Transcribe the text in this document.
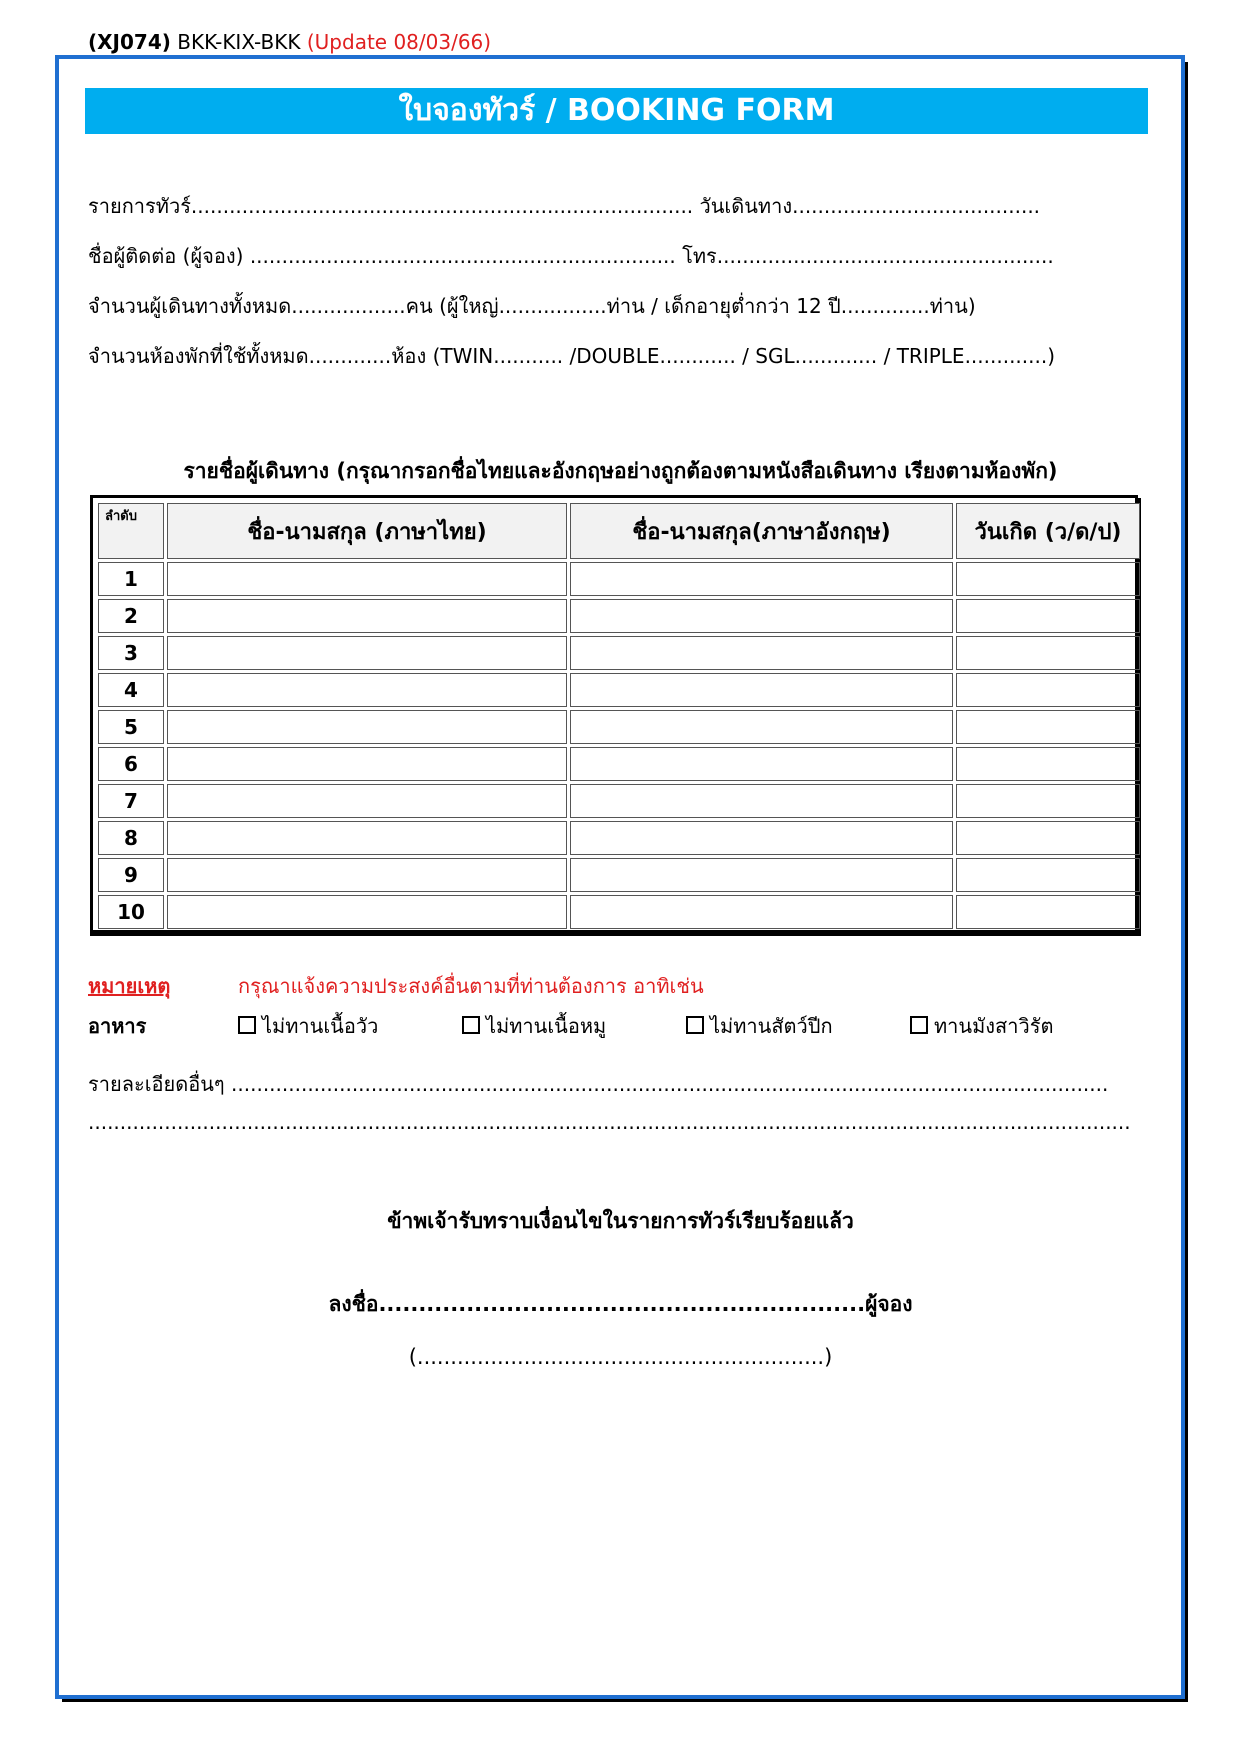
(XJ074) BKK-KIX-BKK (Update 08/03/66)
ใบจองทัวร์ / BOOKING FORM
รายการทัวร์............................................................................... วันเดินทาง.......................................
ชื่อผู้ติดต่อ (ผู้จอง) ................................................................... โทร.....................................................
จำนวนผู้เดินทางทั้งหมด..................คน (ผู้ใหญ่.................ท่าน / เด็กอายุต่ำกว่า 12 ปี..............ท่าน)
จำนวนห้องพักที่ใช้ทั้งหมด.............ห้อง (TWIN........... /DOUBLE............ / SGL............. / TRIPLE.............)
รายชื่อผู้เดินทาง (กรุณากรอกชื่อไทยและอังกฤษอย่างถูกต้องตามหนังสือเดินทาง เรียงตามห้องพัก)
ลำดับ	ชื่อ-นามสกุล (ภาษาไทย)	ชื่อ-นามสกุล(ภาษาอังกฤษ)	วันเกิด (ว/ด/ป)
1			
2			
3			
4			
5			
6			
7			
8			
9			
10			
หมายเหตุ	กรุณาแจ้งความประสงค์อื่นตามที่ท่านต้องการ อาทิเช่น
อาหาร	ไม่ทานเนื้อวัว	ไม่ทานเนื้อหมู	ไม่ทานสัตว์ปีก	ทานมังสาวิรัต
รายละเอียดอื่นๆ ..........................................................................................................................................
....................................................................................................................................................................
ข้าพเจ้ารับทราบเงื่อนไขในรายการทัวร์เรียบร้อยแล้ว
ลงชื่อ.............................................................ผู้จอง
(.............................................................)
